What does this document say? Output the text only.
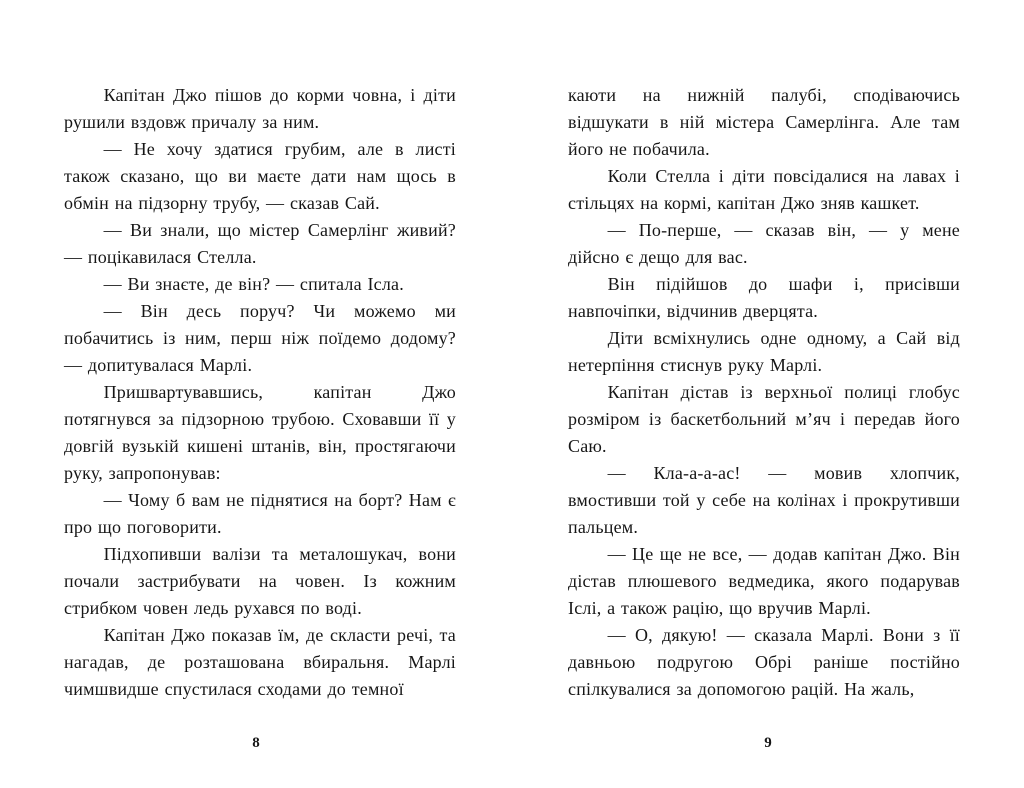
Капітан Джо пішов до корми човна, і діти рушили вздовж причалу за ним.

— Не хочу здатися грубим, але в листі також сказано, що ви маєте дати нам щось в обмін на підзорну трубу, — сказав Сай.

— Ви знали, що містер Самерлінг живий? — поцікавилася Стелла.

— Ви знаєте, де він? — спитала Ісла.

— Він десь поруч? Чи можемо ми побачитись із ним, перш ніж поїдемо додому? — допитувалася Марлі.

Пришвартувавшись, капітан Джо потягнувся за підзорною трубою. Сховавши її у довгій вузькій кишені штанів, він, простягаючи руку, запропонував:

— Чому б вам не піднятися на борт? Нам є про що поговорити.

Підхопивши валізи та металошукач, вони почали застрибувати на човен. Із кожним стрибком човен ледь рухався по воді.

Капітан Джо показав їм, де скласти речі, та нагадав, де розташована вбиральня. Марлі чимшвидше спустилася сходами до темної

8

каюти на нижній палубі, сподіваючись відшукати в ній містера Самерлінга. Але там його не побачила.

Коли Стелла і діти повсідалися на лавах і стільцях на кормі, капітан Джо зняв кашкет.

— По-перше, — сказав він, — у мене дійсно є дещо для вас.

Він підійшов до шафи і, присівши навпочіпки, відчинив дверцята.

Діти всміхнулись одне одному, а Сай від нетерпіння стиснув руку Марлі.

Капітан дістав із верхньої полиці глобус розміром із баскетбольний м’яч і передав його Саю.

— Кла-а-а-ас! — мовив хлопчик, вмостивши той у себе на колінах і прокрутивши пальцем.

— Це ще не все, — додав капітан Джо. Він дістав плюшевого ведмедика, якого подарував Іслі, а також рацію, що вручив Марлі.

— О, дякую! — сказала Марлі. Вони з її давньою подругою Обрі раніше постійно спілкувалися за допомогою рацій. На жаль,

9
